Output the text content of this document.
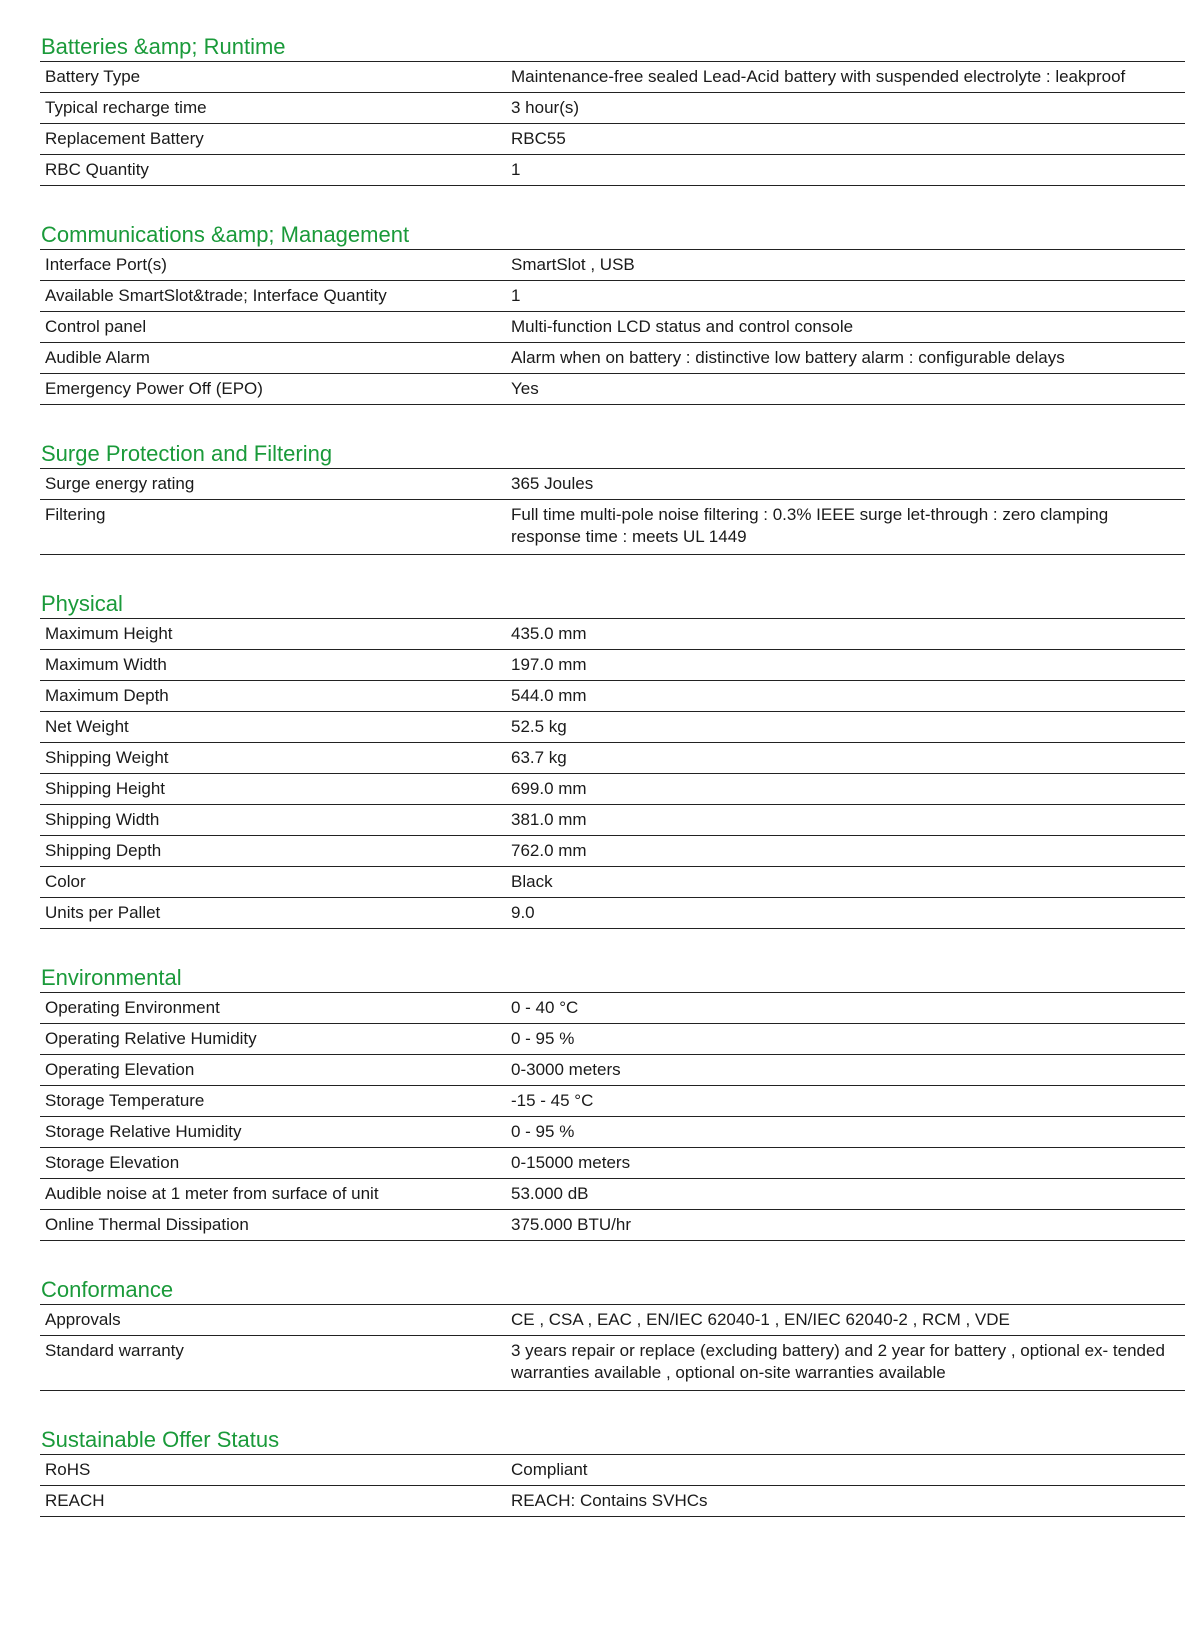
Batteries &amp; Runtime
Battery Type	Maintenance-free sealed Lead-Acid battery with suspended electrolyte : leakproof
Typical recharge time	3 hour(s)
Replacement Battery	RBC55
RBC Quantity	1
Communications &amp; Management
Interface Port(s)	SmartSlot , USB
Available SmartSlot&trade; Interface Quantity	1
Control panel	Multi-function LCD status and control console
Audible Alarm	Alarm when on battery : distinctive low battery alarm : configurable delays
Emergency Power Off (EPO)	Yes
Surge Protection and Filtering
Surge energy rating	365 Joules
Filtering	Full time multi-pole noise filtering : 0.3% IEEE surge let-through : zero clamping response time : meets UL 1449
Physical
Maximum Height	435.0 mm
Maximum Width	197.0 mm
Maximum Depth	544.0 mm
Net Weight	52.5 kg
Shipping Weight	63.7 kg
Shipping Height	699.0 mm
Shipping Width	381.0 mm
Shipping Depth	762.0 mm
Color	Black
Units per Pallet	9.0
Environmental
Operating Environment	0 - 40 °C
Operating Relative Humidity	0 - 95 %
Operating Elevation	0-3000 meters
Storage Temperature	-15 - 45 °C
Storage Relative Humidity	0 - 95 %
Storage Elevation	0-15000 meters
Audible noise at 1 meter from surface of unit	53.000 dB
Online Thermal Dissipation	375.000 BTU/hr
Conformance
Approvals	CE , CSA , EAC , EN/IEC 62040-1 , EN/IEC 62040-2 , RCM , VDE
Standard warranty	3 years repair or replace (excluding battery) and 2 year for battery , optional ex- tended warranties available , optional on-site warranties available
Sustainable Offer Status
RoHS	Compliant
REACH	REACH: Contains SVHCs
